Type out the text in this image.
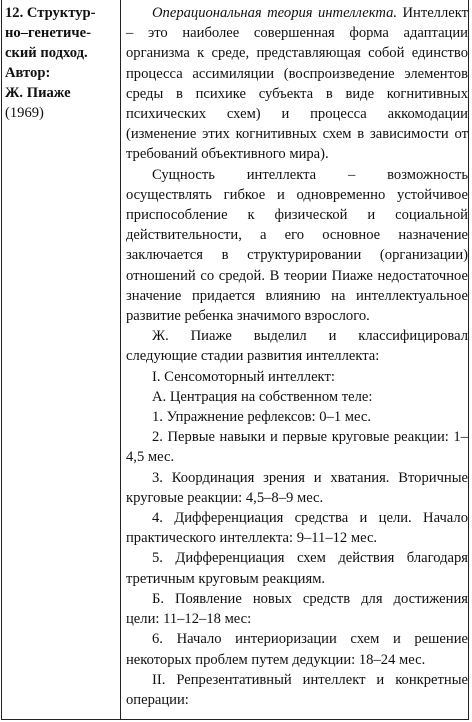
12. Структур-
но–генетиче-
ский подход.
Автор:
Ж. Пиаже
(1969)

Операциональная теория интеллекта. Интеллект – это наиболее совершенная форма адаптации организма к среде, представляющая собой единство процесса ассимиляции (воспроизведение элементов среды в психике субъекта в виде когнитивных психических схем) и процесса аккомодации (изменение этих когнитивных схем в зависимости от требований объективного мира).

Сущность интеллекта – возможность осуществлять гибкое и одновременно устойчивое приспособление к физической и социальной действительности, а его основное назначение заключается в структурировании (организации) отношений со средой. В теории Пиаже недостаточное значение придается влиянию на интеллектуальное развитие ребенка значимого взрослого.

Ж. Пиаже выделил и классифицировал следующие стадии развития интеллекта:

I. Сенсомоторный интеллект:

А. Центрация на собственном теле:

1. Упражнение рефлексов: 0–1 мес.

2. Первые навыки и первые круговые реакции: 1–4,5 мес.

3. Координация зрения и хватания. Вторичные круговые реакции: 4,5–8–9 мес.

4. Дифференциация средства и цели. Начало практического интеллекта: 9–11–12 мес.

5. Дифференциация схем действия благодаря третичным круговым реакциям.

Б. Появление новых средств для достижения цели: 11–12–18 мес:

6. Начало интериоризации схем и решение некоторых проблем путем дедукции: 18–24 мес.

II. Репрезентативный интеллект и конкретные операции:
